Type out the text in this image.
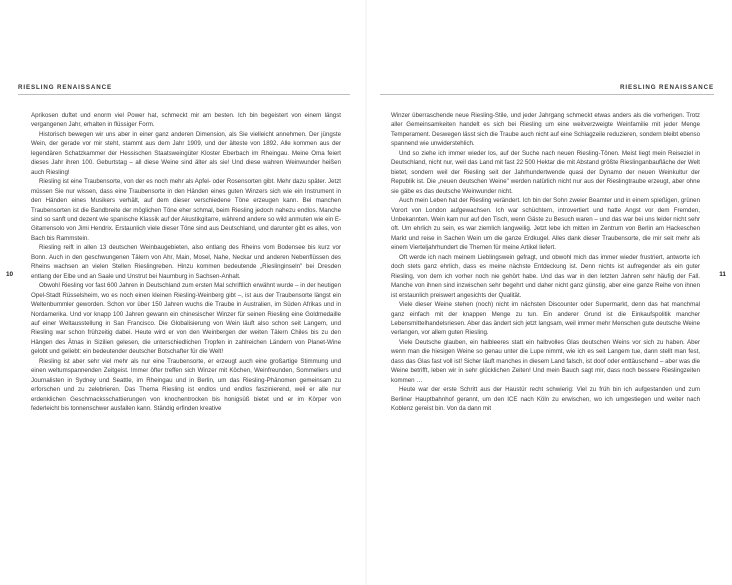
RIESLING RENAISSANCE	RIESLING RENAISSANCE
10	11

Aprikosen duftet und enorm viel Power hat, schmeckt mir am besten. Ich bin begeistert von einem längst vergangenen Jahr, erhalten in flüssiger Form.

Historisch bewegen wir uns aber in einer ganz anderen Dimension, als Sie vielleicht annehmen. Der jüngste Wein, der gerade vor mir steht, stammt aus dem Jahr 1909, und der älteste von 1892. Alle kommen aus der legendären Schatzkammer der Hessischen Staatsweingüter Kloster Eberbach im Rheingau. Meine Oma feiert dieses Jahr ihren 100. Geburtstag – all diese Weine sind älter als sie! Und diese wahren Weinwunder heißen auch Riesling!

Riesling ist eine Traubensorte, von der es noch mehr als Apfel- oder Rosensorten gibt. Mehr dazu später. Jetzt müssen Sie nur wissen, dass eine Traubensorte in den Händen eines guten Winzers sich wie ein Instrument in den Händen eines Musikers verhält, auf dem dieser verschiedene Töne erzeugen kann. Bei manchen Traubensorten ist die Bandbreite der möglichen Töne eher schmal, beim Riesling jedoch nahezu endlos. Manche sind so sanft und dezent wie spanische Klassik auf der Akustikgitarre, während andere so wild anmuten wie ein E-Gitarrensolo von Jimi Hendrix. Erstaunlich viele dieser Töne sind aus Deutschland, und darunter gibt es alles, von Bach bis Rammstein.

Riesling reift in allen 13 deutschen Weinbaugebieten, also entlang des Rheins vom Bodensee bis kurz vor Bonn. Auch in den geschwungenen Tälern von Ahr, Main, Mosel, Nahe, Neckar und anderen Nebenflüssen des Rheins wachsen an vielen Stellen Rieslingreben. Hinzu kommen bedeutende „Rieslinginseln" bei Dresden entlang der Elbe und an Saale und Unstrut bei Naumburg in Sachsen-Anhalt.

Obwohl Riesling vor fast 600 Jahren in Deutschland zum ersten Mal schriftlich erwähnt wurde – in der heutigen Opel-Stadt Rüsselsheim, wo es noch einen kleinen Riesling-Weinberg gibt –, ist aus der Traubensorte längst ein Weltenbummler geworden. Schon vor über 150 Jahren wuchs die Traube in Australien, im Süden Afrikas und in Nordamerika. Und vor knapp 100 Jahren gewann ein chinesischer Winzer für seinen Riesling eine Goldmedaille auf einer Weltausstellung in San Francisco. Die Globalisierung von Wein läuft also schon seit Langem, und Riesling war schon frühzeitig dabei. Heute wird er von den Weinbergen der weiten Tälern Chiles bis zu den Hängen des Ätnas in Sizilien gelesen, die unterschiedlichen Tropfen in zahlreichen Ländern von Planet-Wine gelobt und geliebt: ein bedeutender deutscher Botschafter für die Welt!

Riesling ist aber sehr viel mehr als nur eine Traubensorte, er erzeugt auch eine großartige Stimmung und einen weltumspannenden Zeitgeist. Immer öfter treffen sich Winzer mit Köchen, Weinfreunden, Sommeliers und Journalisten in Sydney und Seattle, im Rheingau und in Berlin, um das Riesling-Phänomen gemeinsam zu erforschen und zu zelebrieren. Das Thema Riesling ist endlos und endlos faszinierend, weil er alle nur erdenklichen Geschmacksschattierungen von knochentrocken bis honigsüß bietet und er im Körper von federleicht bis tonnenschwer ausfallen kann. Ständig erfinden kreative

Winzer überraschende neue Riesling-Stile, und jeder Jahrgang schmeckt etwas anders als die vorherigen. Trotz aller Gemeinsamkeiten handelt es sich bei Riesling um eine weitverzweigte Weinfamilie mit jeder Menge Temperament. Deswegen lässt sich die Traube auch nicht auf eine Schlagzeile reduzieren, sondern bleibt ebenso spannend wie unwiderstehlich.

Und so ziehe ich immer wieder los, auf der Suche nach neuen Riesling-Tönen. Meist liegt mein Reiseziel in Deutschland, nicht nur, weil das Land mit fast 22 500 Hektar die mit Abstand größte Rieslinganbaufläche der Welt bietet, sondern weil der Riesling seit der Jahrhundertwende quasi der Dynamo der neuen Weinkultur der Republik ist. Die „neuen deutschen Weine" werden natürlich nicht nur aus der Rieslingtraube erzeugt, aber ohne sie gäbe es das deutsche Weinwunder nicht.

Auch mein Leben hat der Riesling verändert. Ich bin der Sohn zweier Beamter und in einem spießigen, grünen Vorort von London aufgewachsen. Ich war schüchtern, introvertiert und hatte Angst vor dem Fremden, Unbekannten. Wein kam nur auf den Tisch, wenn Gäste zu Besuch waren – und das war bei uns leider nicht sehr oft. Um ehrlich zu sein, es war ziemlich langweilig. Jetzt lebe ich mitten im Zentrum von Berlin am Hackeschen Markt und reise in Sachen Wein um die ganze Erdkugel. Alles dank dieser Traubensorte, die mir seit mehr als einem Vierteljahrhundert die Themen für meine Artikel liefert.

Oft werde ich nach meinem Lieblingswein gefragt, und obwohl mich das immer wieder frustriert, antworte ich doch stets ganz ehrlich, dass es meine nächste Entdeckung ist. Denn nichts ist aufregender als ein guter Riesling, von dem ich vorher noch nie gehört habe. Und das war in den letzten Jahren sehr häufig der Fall. Manche von ihnen sind inzwischen sehr begehrt und daher nicht ganz günstig, aber eine ganze Reihe von ihnen ist erstaunlich preiswert angesichts der Qualität.

Viele dieser Weine stehen (noch) nicht im nächsten Discounter oder Supermarkt, denn das hat manchmal ganz einfach mit der knappen Menge zu tun. Ein anderer Grund ist die Einkaufspolitik mancher Lebensmittelhandelsriesen. Aber das ändert sich jetzt langsam, weil immer mehr Menschen gute deutsche Weine verlangen, vor allem guten Riesling.

Viele Deutsche glauben, ein halbleeres statt ein halbvolles Glas deutschen Weins vor sich zu haben. Aber wenn man die hiesigen Weine so genau unter die Lupe nimmt, wie ich es seit Langem tue, dann stellt man fest, dass das Glas fast voll ist! Sicher läuft manches in diesem Land falsch, ist doof oder enttäuschend – aber was die Weine betrifft, leben wir in sehr glücklichen Zeiten! Und mein Bauch sagt mir, dass noch bessere Rieslingzeiten kommen …

Heute war der erste Schritt aus der Haustür recht schwierig: Viel zu früh bin ich aufgestanden und zum Berliner Hauptbahnhof gerannt, um den ICE nach Köln zu erwischen, wo ich umgestiegen und weiter nach Koblenz gereist bin. Von da dann mit
